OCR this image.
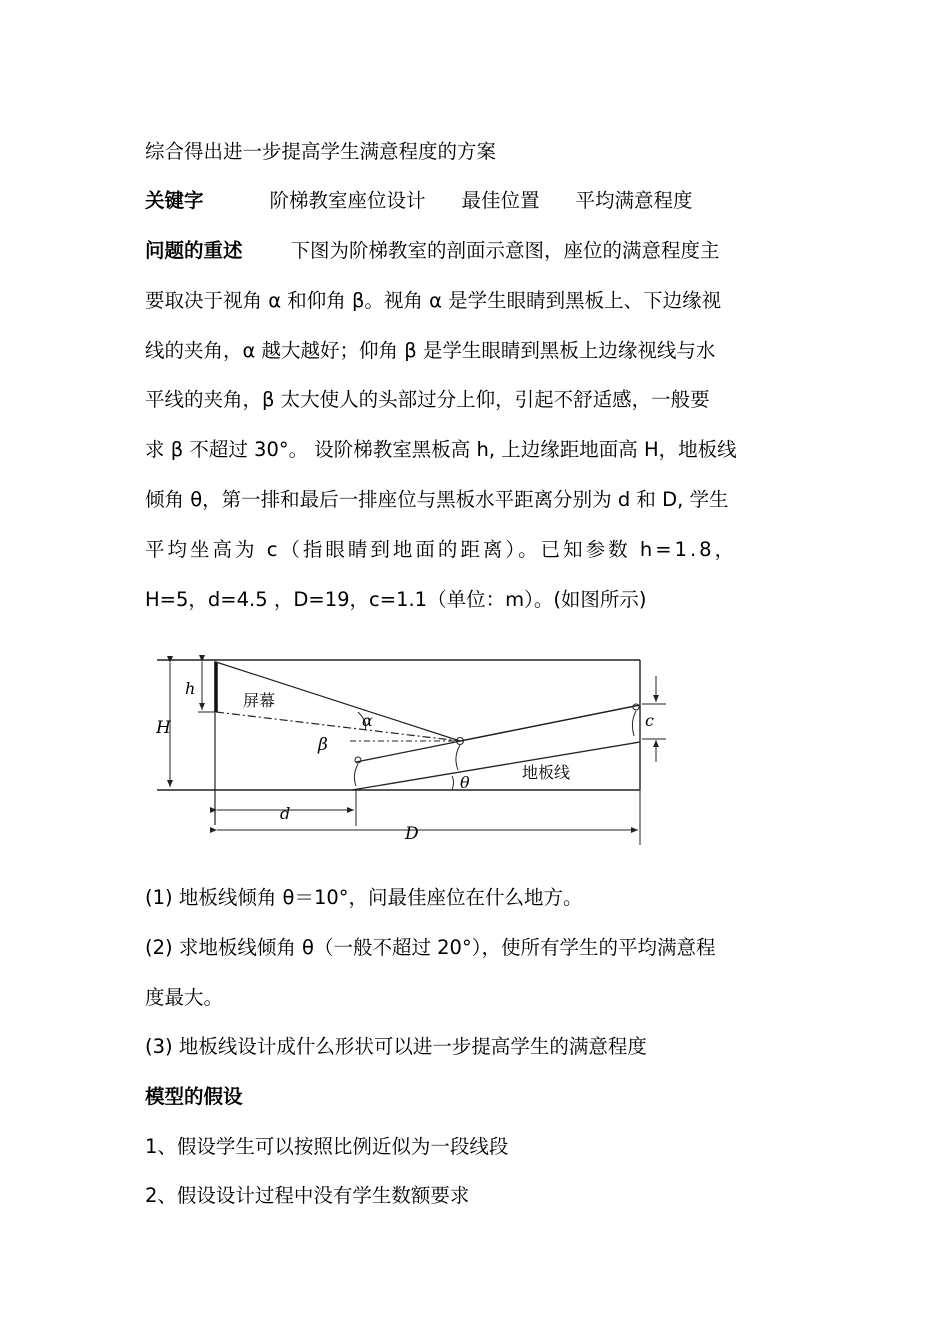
综合得出进一步提高学生满意程度的方案
关键字	阶梯教室座位设计 最佳位置 平均满意程度
问题的重述 下图为阶梯教室的剖面示意图，座位的满意程度主
要取决于视角 α 和仰角 β。视角 α 是学生眼睛到黑板上、下边缘视
线的夹角，α 越大越好；仰角 β 是学生眼睛到黑板上边缘视线与水
平线的夹角，β 太大使人的头部过分上仰，引起不舒适感，一般要
求 β 不超过 30°。 设阶梯教室黑板高 h, 上边缘距地面高 H，地板线
倾角 θ，第一排和最后一排座位与黑板水平距离分别为 d 和 D, 学生
平均坐高为 c（指眼睛到地面的距离）。已知参数 h=1.8，
H=5，d=4.5 ，D=19，c=1.1（单位：m）。(如图所示)
h
H
屏幕
α
β
θ
c
地板线
d
D
(1) 地板线倾角 θ＝10°，问最佳座位在什么地方。
(2) 求地板线倾角 θ（一般不超过 20°），使所有学生的平均满意程
度最大。
(3) 地板线设计成什么形状可以进一步提高学生的满意程度
模型的假设
1、假设学生可以按照比例近似为一段线段
2、假设设计过程中没有学生数额要求
